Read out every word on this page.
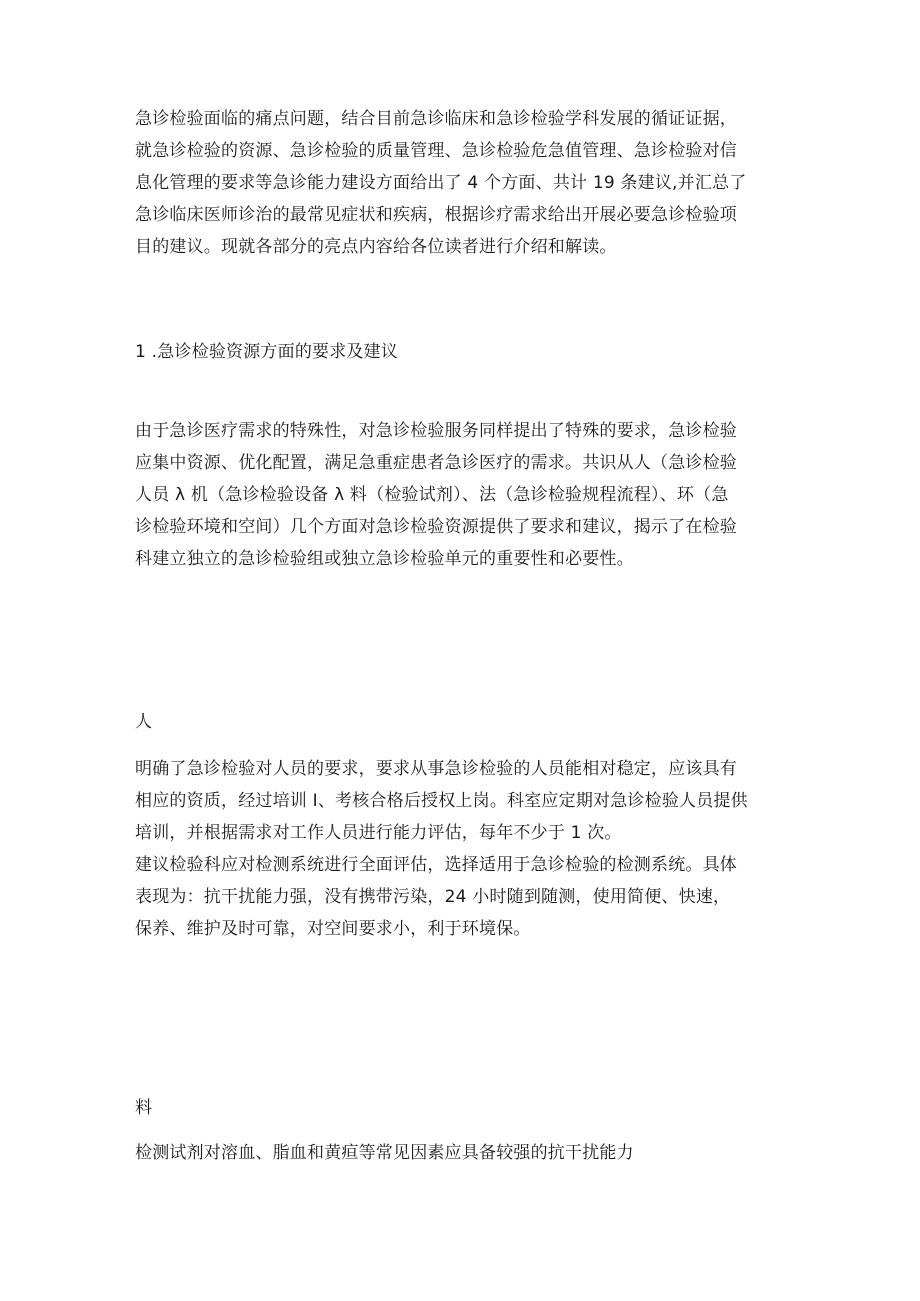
急诊检验面临的痛点问题，结合目前急诊临床和急诊检验学科发展的循证证据，
就急诊检验的资源、急诊检验的质量管理、急诊检验危急值管理、急诊检验对信
息化管理的要求等急诊能力建设方面给出了 4 个方面、共计 19 条建议,并汇总了
急诊临床医师诊治的最常见症状和疾病，根据诊疗需求给出开展必要急诊检验项
目的建议。现就各部分的亮点内容给各位读者进行介绍和解读。
1 .急诊检验资源方面的要求及建议
由于急诊医疗需求的特殊性，对急诊检验服务同样提出了特殊的要求，急诊检验
应集中资源、优化配置，满足急重症患者急诊医疗的需求。共识从人（急诊检验
人员 λ 机（急诊检验设备 λ 料（检验试剂）、法（急诊检验规程流程）、环（急
诊检验环境和空间）几个方面对急诊检验资源提供了要求和建议，揭示了在检验
科建立独立的急诊检验组或独立急诊检验单元的重要性和必要性。
人
明确了急诊检验对人员的要求，要求从事急诊检验的人员能相对稳定，应该具有
相应的资质，经过培训 I、考核合格后授权上岗。科室应定期对急诊检验人员提供
培训，并根据需求对工作人员进行能力评估，每年不少于 1 次。
建议检验科应对检测系统进行全面评估，选择适用于急诊检验的检测系统。具体
表现为：抗干扰能力强，没有携带污染，24 小时随到随测，使用简便、快速，
保养、维护及时可靠，对空间要求小，利于环境保。
料
检测试剂对溶血、脂血和黄疸等常见因素应具备较强的抗干扰能力
